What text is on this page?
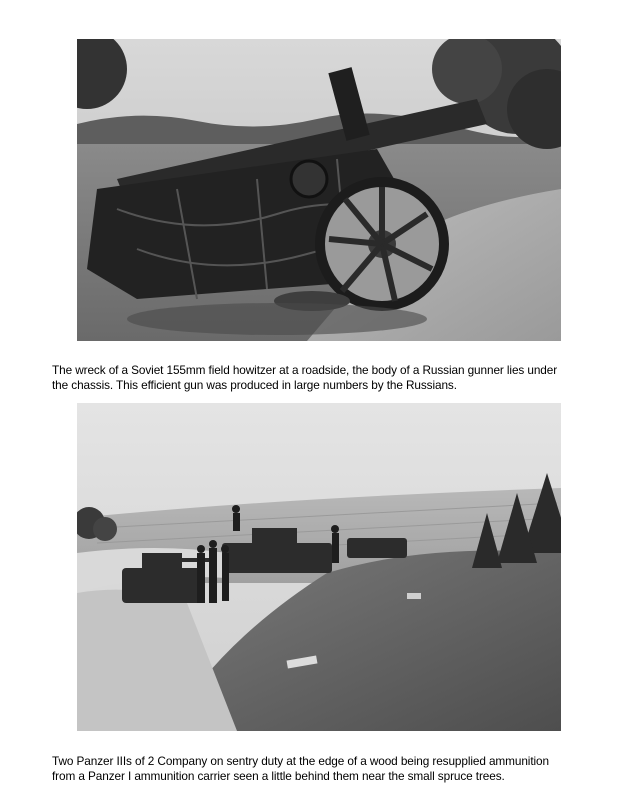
The wreck of a Soviet 155mm field howitzer at a roadside, the body of a Russian gunner lies under the chassis. This efficient gun was produced in large numbers by the Russians.

Two Panzer IIIs of 2 Company on sentry duty at the edge of a wood being resupplied ammunition from a Panzer I ammunition carrier seen a little behind them near the small spruce trees.
